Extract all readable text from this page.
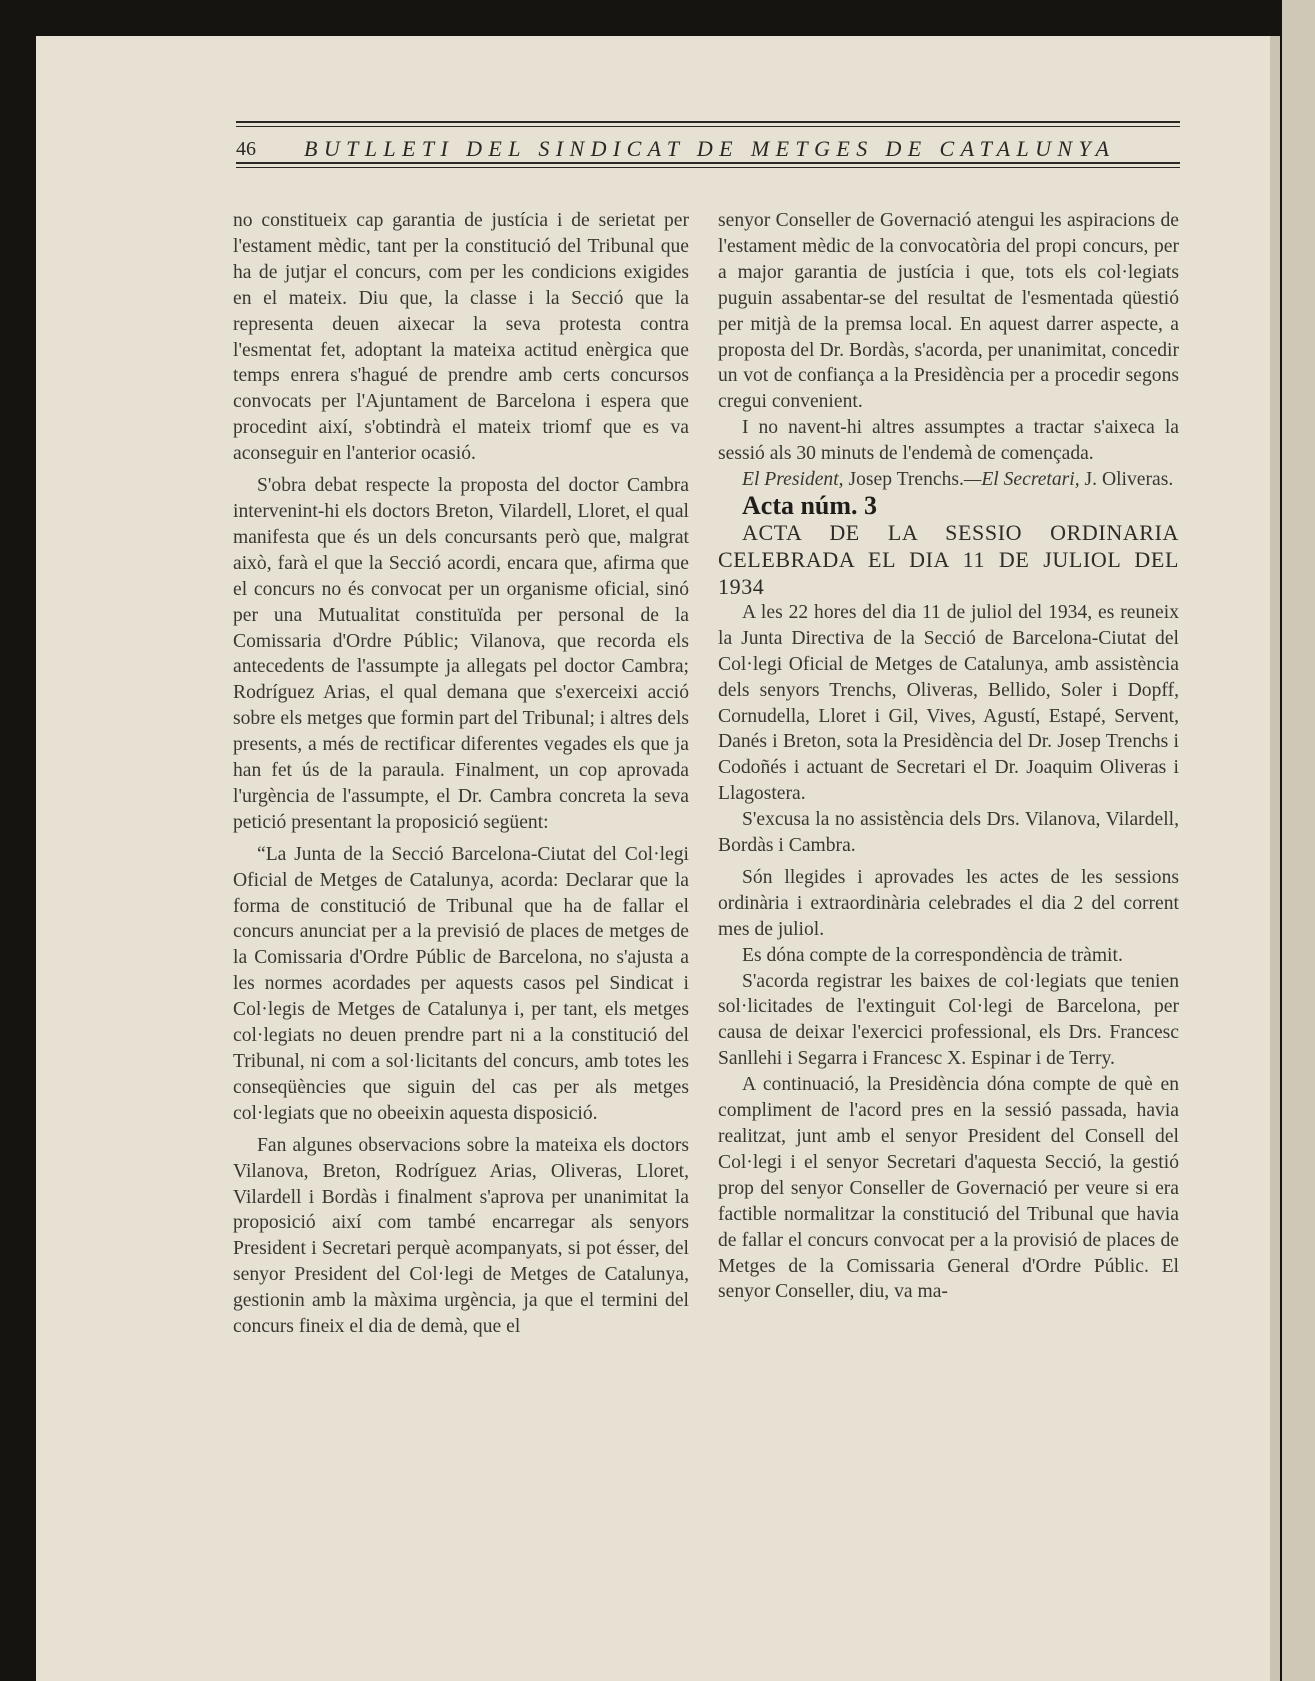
46 BUTLLETI DEL SINDICAT DE METGES DE CATALUNYA

no constitueix cap garantia de justícia i de serietat per l'estament mèdic, tant per la constitució del Tribunal que ha de jutjar el concurs, com per les condicions exigides en el mateix. Diu que, la classe i la Secció que la representa deuen aixecar la seva protesta contra l'esmentat fet, adoptant la mateixa actitud enèrgica que temps enrera s'hagué de prendre amb certs concursos convocats per l'Ajuntament de Barcelona i espera que procedint així, s'obtindrà el mateix triomf que es va aconseguir en l'anterior ocasió.

S'obra debat respecte la proposta del doctor Cambra intervenint-hi els doctors Breton, Vilardell, Lloret, el qual manifesta que és un dels concursants però que, malgrat això, farà el que la Secció acordi, encara que, afirma que el concurs no és convocat per un organisme oficial, sinó per una Mutualitat constituïda per personal de la Comissaria d'Ordre Públic; Vilanova, que recorda els antecedents de l'assumpte ja allegats pel doctor Cambra; Rodríguez Arias, el qual demana que s'exerceixi acció sobre els metges que formin part del Tribunal; i altres dels presents, a més de rectificar diferentes vegades els que ja han fet ús de la paraula. Finalment, un cop aprovada l'urgència de l'assumpte, el Dr. Cambra concreta la seva petició presentant la proposició següent:

“La Junta de la Secció Barcelona-Ciutat del Col·legi Oficial de Metges de Catalunya, acorda: Declarar que la forma de constitució de Tribunal que ha de fallar el concurs anunciat per a la previsió de places de metges de la Comissaria d'Ordre Públic de Barcelona, no s'ajusta a les normes acordades per aquests casos pel Sindicat i Col·legis de Metges de Catalunya i, per tant, els metges col·legiats no deuen prendre part ni a la constitució del Tribunal, ni com a sol·licitants del concurs, amb totes les conseqüències que siguin del cas per als metges col·legiats que no obeeixin aquesta disposició.

Fan algunes observacions sobre la mateixa els doctors Vilanova, Breton, Rodríguez Arias, Oliveras, Lloret, Vilardell i Bordàs i finalment s'aprova per unanimitat la proposició així com també encarregar als senyors President i Secretari perquè acompanyats, si pot ésser, del senyor President del Col·legi de Metges de Catalunya, gestionin amb la màxima urgència, ja que el termini del concurs fineix el dia de demà, que el

senyor Conseller de Governació atengui les aspiracions de l'estament mèdic de la convocatòria del propi concurs, per a major garantia de justícia i que, tots els col·legiats puguin assabentar-se del resultat de l'esmentada qüestió per mitjà de la premsa local. En aquest darrer aspecte, a proposta del Dr. Bordàs, s'acorda, per unanimitat, concedir un vot de confiança a la Presidència per a procedir segons cregui convenient.

I no navent-hi altres assumptes a tractar s'aixeca la sessió als 30 minuts de l'endemà de començada.

El President, Josep Trenchs.—El Secretari, J. Oliveras.

Acta núm. 3

ACTA DE LA SESSIO ORDINARIA CELEBRADA EL DIA 11 DE JULIOL DEL 1934

A les 22 hores del dia 11 de juliol del 1934, es reuneix la Junta Directiva de la Secció de Barcelona-Ciutat del Col·legi Oficial de Metges de Catalunya, amb assistència dels senyors Trenchs, Oliveras, Bellido, Soler i Dopff, Cornudella, Lloret i Gil, Vives, Agustí, Estapé, Servent, Danés i Breton, sota la Presidència del Dr. Josep Trenchs i Codoñés i actuant de Secretari el Dr. Joaquim Oliveras i Llagostera.

S'excusa la no assistència dels Drs. Vilanova, Vilardell, Bordàs i Cambra.

Són llegides i aprovades les actes de les sessions ordinària i extraordinària celebrades el dia 2 del corrent mes de juliol.

Es dóna compte de la correspondència de tràmit.

S'acorda registrar les baixes de col·legiats que tenien sol·licitades de l'extinguit Col·legi de Barcelona, per causa de deixar l'exercici professional, els Drs. Francesc Sanllehi i Segarra i Francesc X. Espinar i de Terry.

A continuació, la Presidència dóna compte de què en compliment de l'acord pres en la sessió passada, havia realitzat, junt amb el senyor President del Consell del Col·legi i el senyor Secretari d'aquesta Secció, la gestió prop del senyor Conseller de Governació per veure si era factible normalitzar la constitució del Tribunal que havia de fallar el concurs convocat per a la provisió de places de Metges de la Comissaria General d'Ordre Públic. El senyor Conseller, diu, va ma-
